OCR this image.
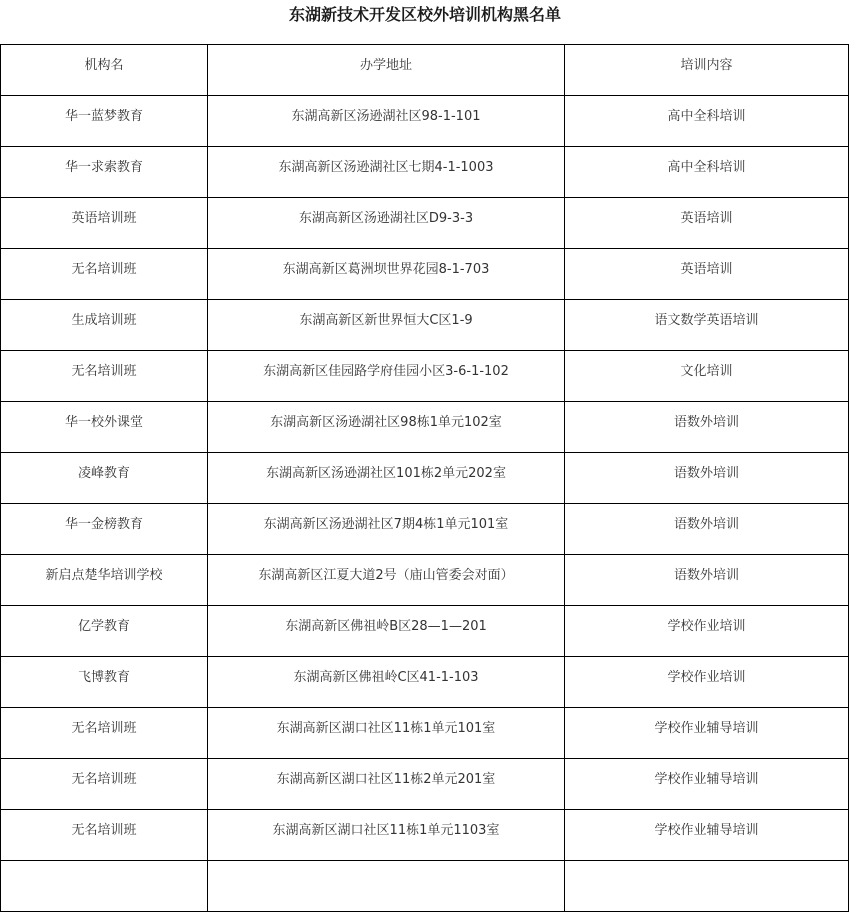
东湖新技术开发区校外培训机构黑名单
机构名	办学地址	培训内容
华一蓝梦教育	东湖高新区汤逊湖社区98-1-101	高中全科培训
华一求索教育	东湖高新区汤逊湖社区七期4-1-1003	高中全科培训
英语培训班	东湖高新区汤逊湖社区D9-3-3	英语培训
无名培训班	东湖高新区葛洲坝世界花园8-1-703	英语培训
生成培训班	东湖高新区新世界恒大C区1-9	语文数学英语培训
无名培训班	东湖高新区佳园路学府佳园小区3-6-1-102	文化培训
华一校外课堂	东湖高新区汤逊湖社区98栋1单元102室	语数外培训
凌峰教育	东湖高新区汤逊湖社区101栋2单元202室	语数外培训
华一金榜教育	东湖高新区汤逊湖社区7期4栋1单元101室	语数外培训
新启点楚华培训学校	东湖高新区江夏大道2号（庙山管委会对面）	语数外培训
亿学教育	东湖高新区佛祖岭B区28—1—201	学校作业培训
飞博教育	东湖高新区佛祖岭C区41-1-103	学校作业培训
无名培训班	东湖高新区湖口社区11栋1单元101室	学校作业辅导培训
无名培训班	东湖高新区湖口社区11栋2单元201室	学校作业辅导培训
无名培训班	东湖高新区湖口社区11栋1单元1103室	学校作业辅导培训
